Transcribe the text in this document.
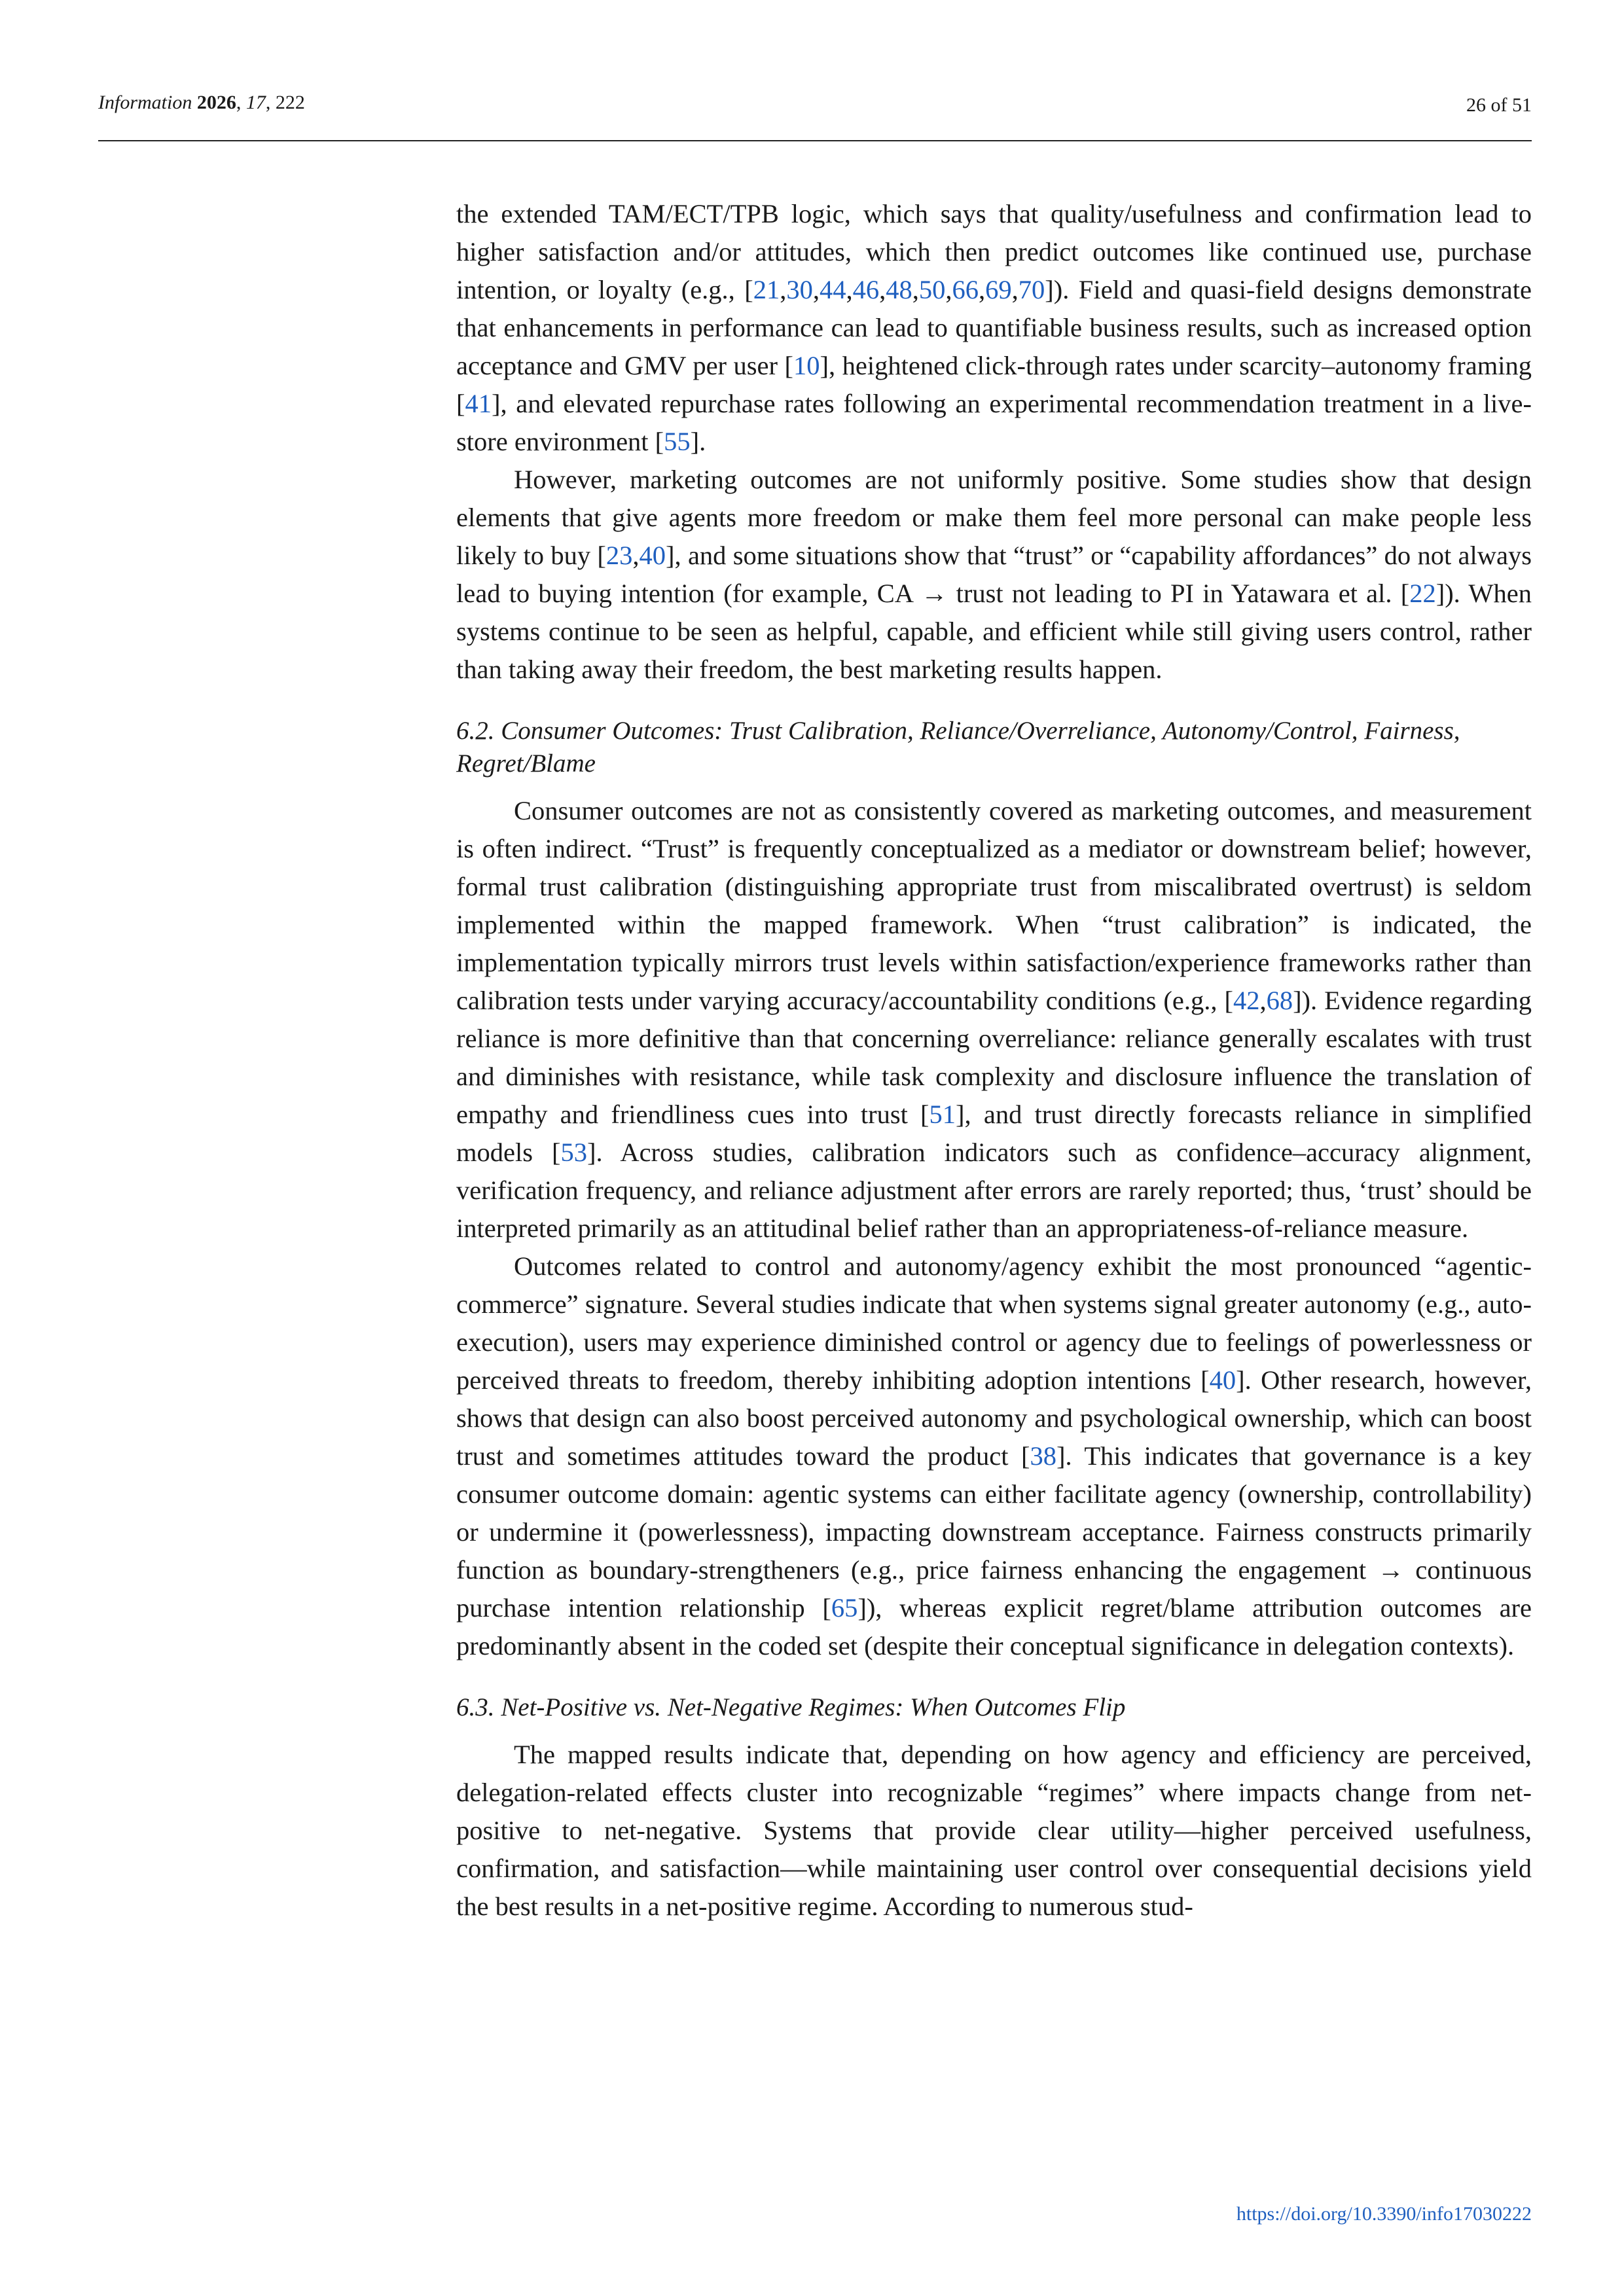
Information 2026, 17, 222	26 of 51

the extended TAM/ECT/TPB logic, which says that quality/usefulness and confirmation lead to higher satisfaction and/or attitudes, which then predict outcomes like continued use, purchase intention, or loyalty (e.g., [21,30,44,46,48,50,66,69,70]). Field and quasi-field designs demonstrate that enhancements in performance can lead to quantifiable business results, such as increased option acceptance and GMV per user [10], heightened click-through rates under scarcity–autonomy framing [41], and elevated repurchase rates following an experimental recommendation treatment in a live-store environment [55].

However, marketing outcomes are not uniformly positive. Some studies show that design elements that give agents more freedom or make them feel more personal can make people less likely to buy [23,40], and some situations show that “trust” or “capability affordances” do not always lead to buying intention (for example, CA → trust not leading to PI in Yatawara et al. [22]). When systems continue to be seen as helpful, capable, and efficient while still giving users control, rather than taking away their freedom, the best marketing results happen.

6.2. Consumer Outcomes: Trust Calibration, Reliance/Overreliance, Autonomy/Control, Fairness, Regret/Blame

Consumer outcomes are not as consistently covered as marketing outcomes, and measurement is often indirect. “Trust” is frequently conceptualized as a mediator or downstream belief; however, formal trust calibration (distinguishing appropriate trust from miscalibrated overtrust) is seldom implemented within the mapped framework. When “trust calibration” is indicated, the implementation typically mirrors trust levels within satisfaction/experience frameworks rather than calibration tests under varying accuracy/accountability conditions (e.g., [42,68]). Evidence regarding reliance is more definitive than that concerning overreliance: reliance generally escalates with trust and diminishes with resistance, while task complexity and disclosure influence the translation of empathy and friendliness cues into trust [51], and trust directly forecasts reliance in simplified models [53]. Across studies, calibration indicators such as confidence–accuracy alignment, verification frequency, and reliance adjustment after errors are rarely reported; thus, ‘trust’ should be interpreted primarily as an attitudinal belief rather than an appropriateness-of-reliance measure.

Outcomes related to control and autonomy/agency exhibit the most pronounced “agentic-commerce” signature. Several studies indicate that when systems signal greater autonomy (e.g., auto-execution), users may experience diminished control or agency due to feelings of powerlessness or perceived threats to freedom, thereby inhibiting adoption intentions [40]. Other research, however, shows that design can also boost perceived autonomy and psychological ownership, which can boost trust and sometimes attitudes toward the product [38]. This indicates that governance is a key consumer outcome domain: agentic systems can either facilitate agency (ownership, controllability) or undermine it (powerlessness), impacting downstream acceptance. Fairness constructs primarily function as boundary-strengtheners (e.g., price fairness enhancing the engagement → continuous purchase intention relationship [65]), whereas explicit regret/blame attribution outcomes are predominantly absent in the coded set (despite their conceptual significance in delegation contexts).

6.3. Net-Positive vs. Net-Negative Regimes: When Outcomes Flip

The mapped results indicate that, depending on how agency and efficiency are perceived, delegation-related effects cluster into recognizable “regimes” where impacts change from net-positive to net-negative. Systems that provide clear utility—higher perceived usefulness, confirmation, and satisfaction—while maintaining user control over consequential decisions yield the best results in a net-positive regime. According to numerous stud-

https://doi.org/10.3390/info17030222
